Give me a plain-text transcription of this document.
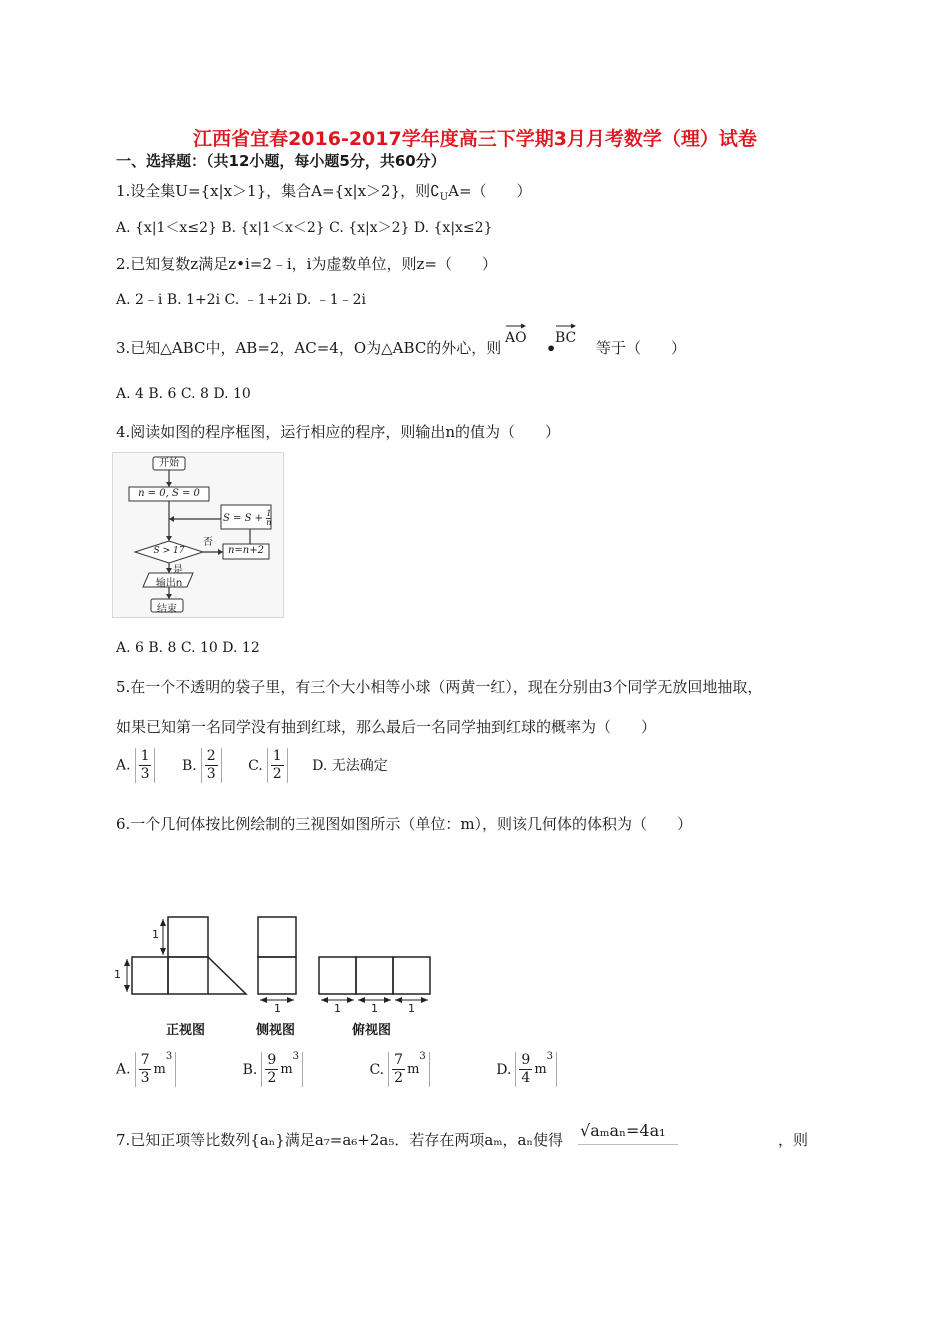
江西省宜春2016-2017学年度高三下学期3月月考数学（理）试卷
一、选择题：（共12小题，每小题5分，共60分）
1.设全集U={x|x＞1}，集合A={x|x＞2}，则$∁_UA=$（　　）
A. {x|1＜x≤2} B. {x|1＜x＜2} C. {x|x＞2} D. {x|x≤2}
2.已知复数z满足z•i=2﹣i，i为虚数单位，则z=（　　）
A. 2﹣i B. 1+2i C. ﹣1+2i D. ﹣1﹣2i
3.已知△ABC中，AB=2，AC=4，O为△ABC的外心，则
AO
•
BC
等于（　　）
A. 4 B. 6 C. 8 D. 10
4.阅读如图的程序框图，运行相应的程序，则输出n的值为（　　）
开始
n = 0, S = 0
$S = S + \frac{1}{n}$
S > 17
否
是
n=n+2
输出n
结束
A. 6 B. 8 C. 10 D. 12
5.在一个不透明的袋子里，有三个大小相等小球（两黄一红），现在分别由3个同学无放回地抽取，
如果已知第一名同学没有抽到红球，那么最后一名同学抽到红球的概率为（　　）
A. $\frac{1}{3} B$. $\frac{2}{3} C$. $\frac{1}{2} D$. 无法确定
6.一个几何体按比例绘制的三视图如图所示（单位：m），则该几何体的体积为（　　）
1
1
1	1	1	1
正视图	侧视图	俯视图
A. $\frac{7}{3} m^3$ B. $\frac{9}{2} m^3$ C. $\frac{7}{2} m^3$ D. $\frac{9}{4} m^3$
7.已知正项等比数列{aₙ}满足a₇=a₆+2a₅．若存在两项aₘ，aₙ使得 √aₘaₙ=4a₁	，则
